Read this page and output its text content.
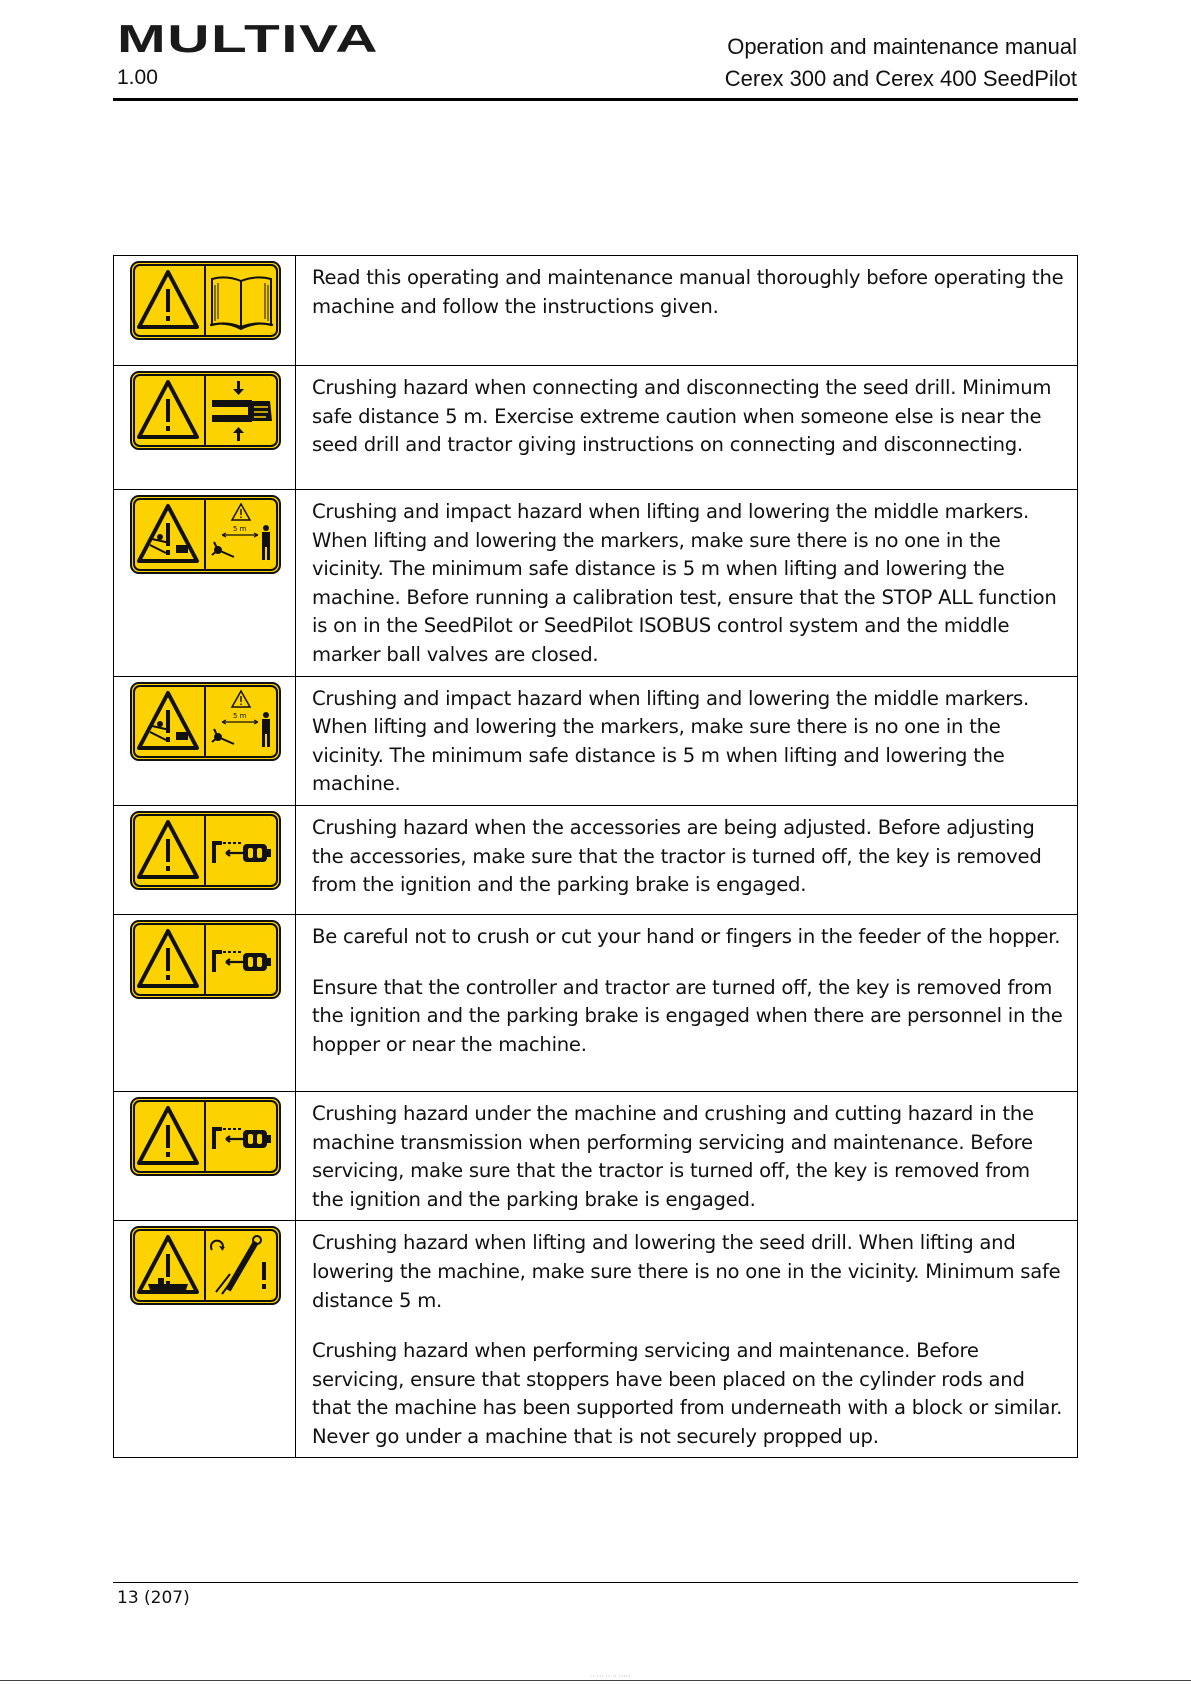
MULTIVA
1.00
Operation and maintenance manual
Cerex 300 and Cerex 400 SeedPilot
·····	Read this operating and maintenance manual thoroughly before operating the machine and follow the instructions given.

·····	Crushing hazard when connecting and disconnecting the seed drill. Minimum safe distance 5 m. Exercise extreme caution when someone else is near the seed drill and tractor giving instructions on connecting and disconnecting.

5 m
·····	Crushing and impact hazard when lifting and lowering the middle markers. When lifting and lowering the markers, make sure there is no one in the vicinity. The minimum safe distance is 5 m when lifting and lowering the machine. Before running a calibration test, ensure that the STOP ALL function is on in the SeedPilot or SeedPilot ISOBUS control system and the middle marker ball valves are closed.

5 m
·····	Crushing and impact hazard when lifting and lowering the middle markers. When lifting and lowering the markers, make sure there is no one in the vicinity. The minimum safe distance is 5 m when lifting and lowering the machine.

·····	Crushing hazard when the accessories are being adjusted. Before adjusting the accessories, make sure that the tractor is turned off, the key is removed from the ignition and the parking brake is engaged.

·····	Be careful not to crush or cut your hand or fingers in the feeder of the hopper.

Ensure that the controller and tractor are turned off, the key is removed from the ignition and the parking brake is engaged when there are personnel in the hopper or near the machine.

·····	Crushing hazard under the machine and crushing and cutting hazard in the machine transmission when performing servicing and maintenance. Before servicing, make sure that the tractor is turned off, the key is removed from the ignition and the parking brake is engaged.

·····	Crushing hazard when lifting and lowering the seed drill. When lifting and lowering the machine, make sure there is no one in the vicinity. Minimum safe distance 5 m.

Crushing hazard when performing servicing and maintenance. Before servicing, ensure that stoppers have been placed on the cylinder rods and that the machine has been supported from underneath with a block or similar. Never go under a machine that is not securely propped up.

13 (207)
·· ··· ·· ·· ·····
